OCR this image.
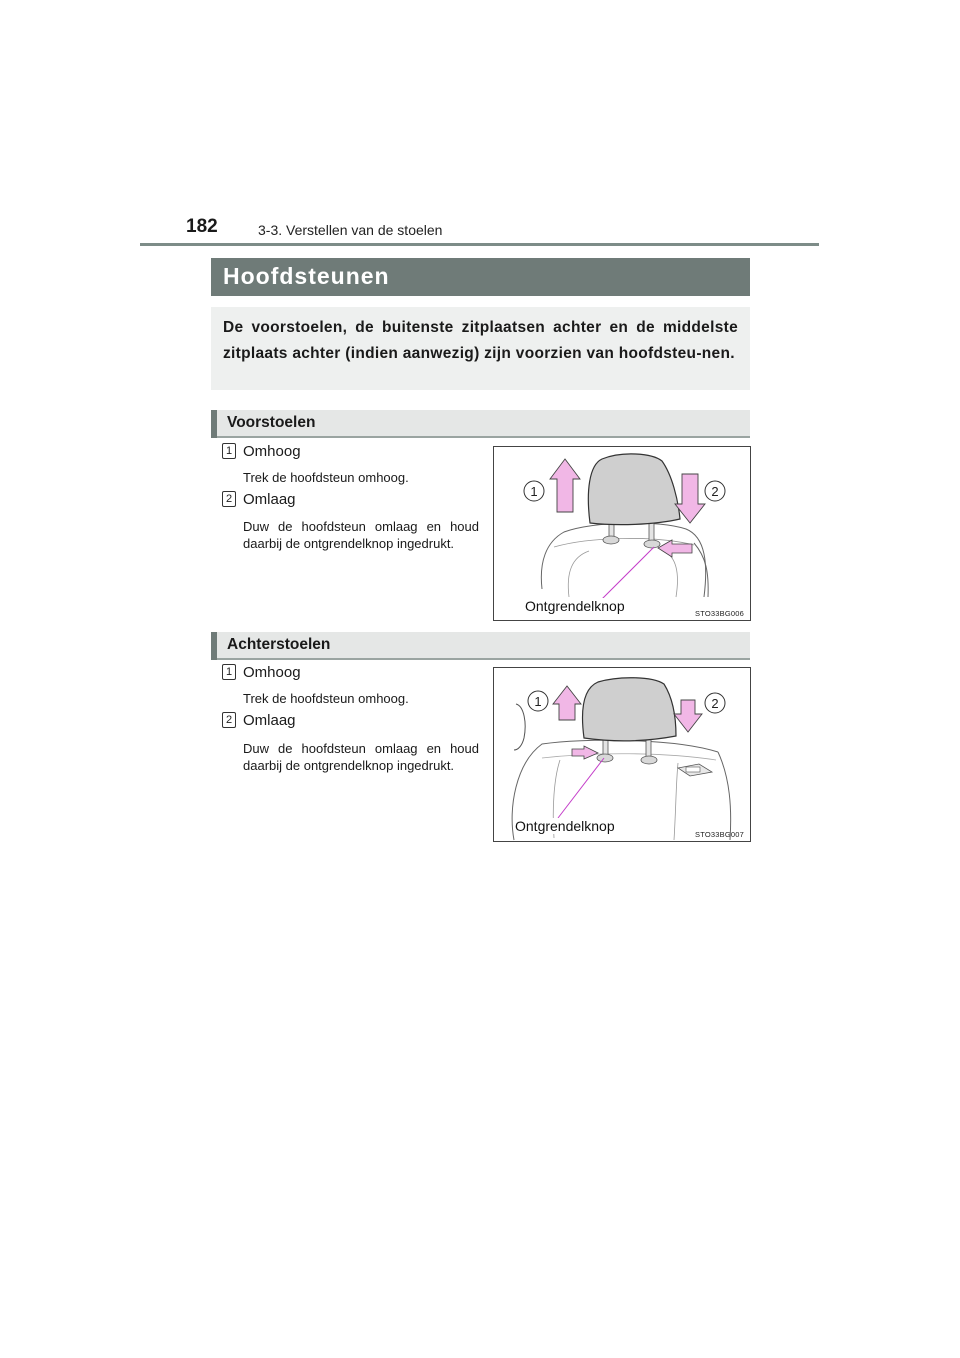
182	3-3. Verstellen van de stoelen
Hoofdsteunen

De voorstoelen, de buitenste zitplaatsen achter en de middelste zitplaats achter (indien aanwezig) zijn voorzien van hoofdsteu-nen.

Voorstoelen
1 Omhoog
Trek de hoofdsteun omhoog.
2 Omlaag
Duw de hoofdsteun omlaag en houd daarbij de ontgrendelknop ingedrukt.
1	2
Ontgrendelknop	STO33BG006
Achterstoelen
1 Omhoog
Trek de hoofdsteun omhoog.
2 Omlaag
Duw de hoofdsteun omlaag en houd daarbij de ontgrendelknop ingedrukt.
1	2
Ontgrendelknop
STO33BG007
